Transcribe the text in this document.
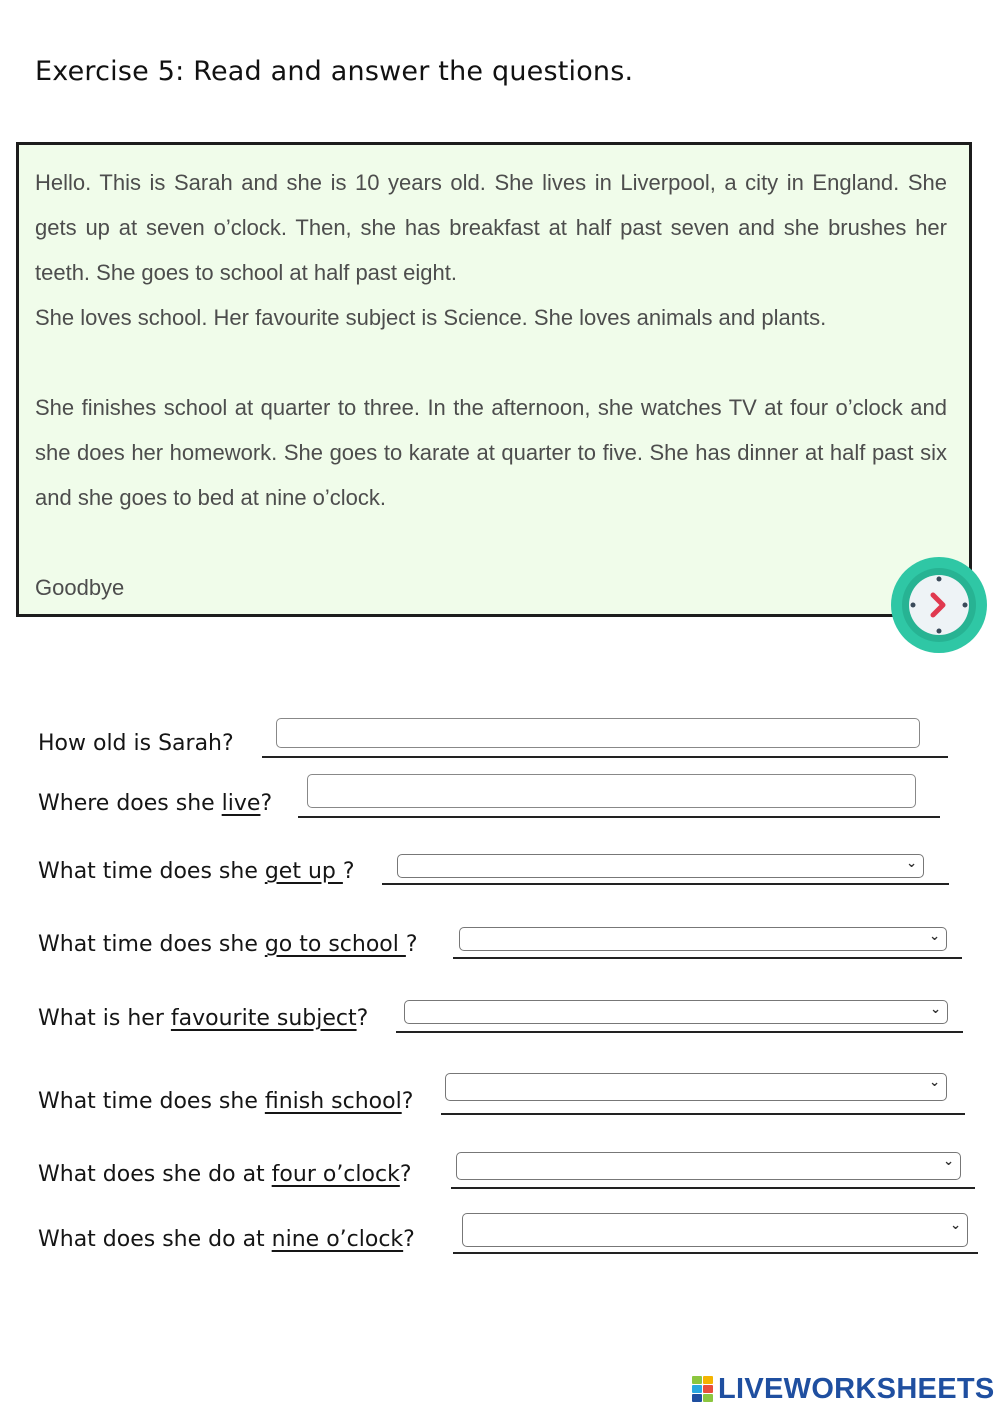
Exercise 5: Read and answer the questions.

Hello. This is Sarah and she is 10 years old. She lives in Liverpool, a city in England. She gets up at seven o’clock. Then, she has breakfast at half past seven and she brushes her teeth. She goes to school at half past eight.

She loves school. Her favourite subject is Science. She loves animals and plants.

She finishes school at quarter to three. In the afternoon, she watches TV at four o’clock and she does her homework. She goes to karate at quarter to five. She has dinner at half past six and she goes to bed at nine o’clock.

Goodbye

How old is Sarah?
Where does she live?
What time does she get up ?	⌄
What time does she go to school ?	⌄
What is her favourite subject?	⌄
What time does she finish school?
⌄
What does she do at four o’clock?
⌄
What does she do at nine o’clock?
⌄
LIVEWORKSHEETS
